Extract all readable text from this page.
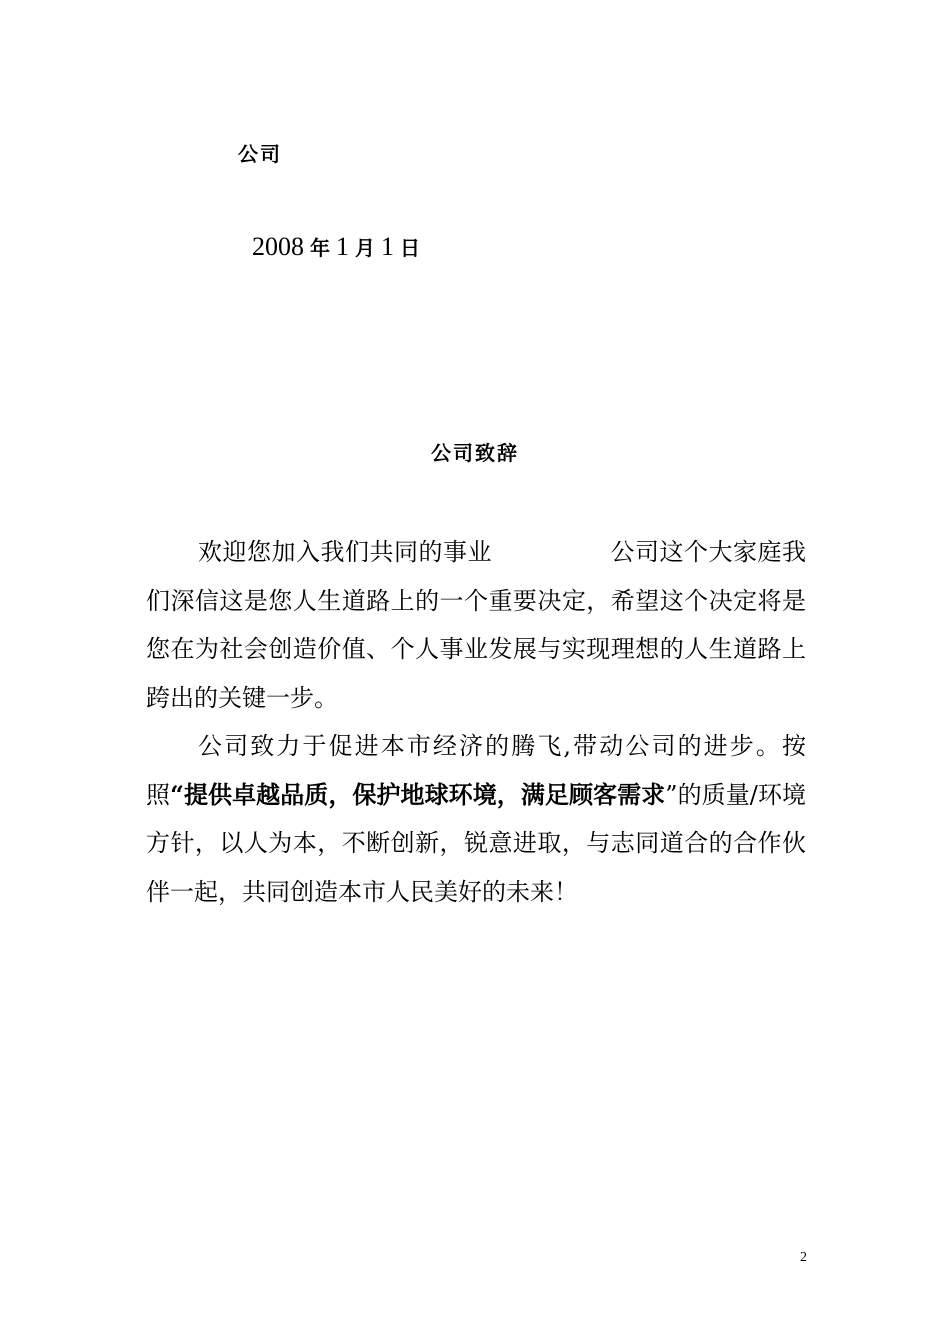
公司
2008 年 1 月 1 日
公司致辞

欢迎您加入我们共同的事业	公司这个大家庭我们深信这是您人生道路上的一个重要决定，希望这个决定将是您在为社会创造价值、个人事业发展与实现理想的人生道路上跨出的关键一步。

公司致力于促进本市经济的腾飞,带动公司的进步。按照“提供卓越品质，保护地球环境，满足顾客需求”的质量/环境方针，以人为本，不断创新，锐意进取，与志同道合的合作伙伴一起，共同创造本市人民美好的未来！

2
